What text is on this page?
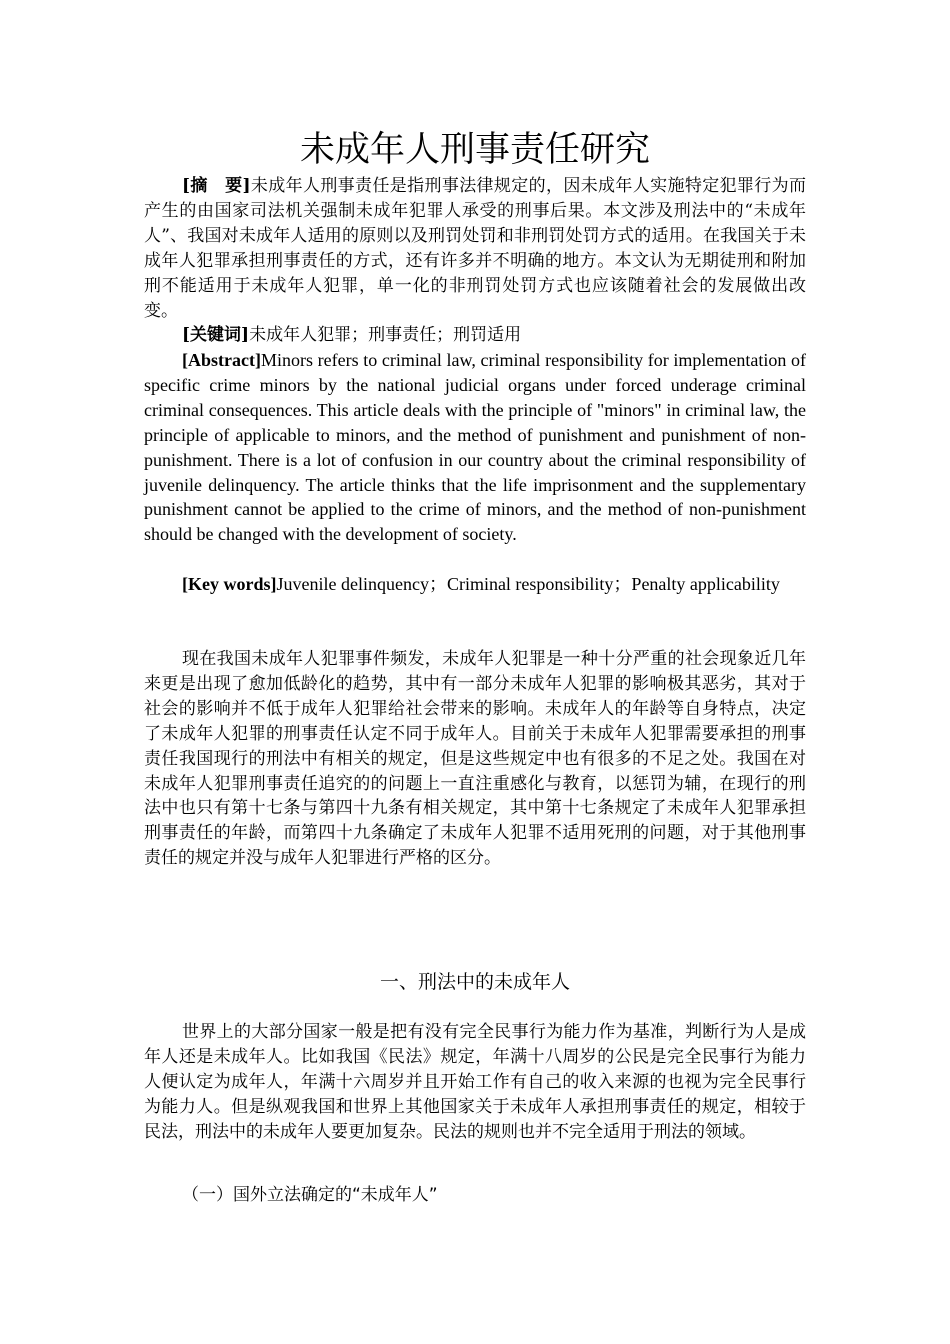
未成年人刑事责任研究

[摘　要]未成年人刑事责任是指刑事法律规定的，因未成年人实施特定犯罪行为而产生的由国家司法机关强制未成年犯罪人承受的刑事后果。本文涉及刑法中的“未成年人”、我国对未成年人适用的原则以及刑罚处罚和非刑罚处罚方式的适用。在我国关于未成年人犯罪承担刑事责任的方式，还有许多并不明确的地方。本文认为无期徒刑和附加刑不能适用于未成年人犯罪，单一化的非刑罚处罚方式也应该随着社会的发展做出改变。

[关键词]未成年人犯罪；刑事责任；刑罚适用

[Abstract]Minors refers to criminal law, criminal responsibility for implementation of specific crime minors by the national judicial organs under forced underage criminal criminal consequences. This article deals with the principle of "minors" in criminal law, the principle of applicable to minors, and the method of punishment and punishment of non-punishment. There is a lot of confusion in our country about the criminal responsibility of juvenile delinquency. The article thinks that the life imprisonment and the supplementary punishment cannot be applied to the crime of minors, and the method of non-punishment should be changed with the development of society.

[Key words]Juvenile delinquency；Criminal responsibility；Penalty applicability

现在我国未成年人犯罪事件频发，未成年人犯罪是一种十分严重的社会现象近几年来更是出现了愈加低龄化的趋势，其中有一部分未成年人犯罪的影响极其恶劣，其对于社会的影响并不低于成年人犯罪给社会带来的影响。未成年人的年龄等自身特点，决定了未成年人犯罪的刑事责任认定不同于成年人。目前关于未成年人犯罪需要承担的刑事责任我国现行的刑法中有相关的规定，但是这些规定中也有很多的不足之处。我国在对未成年人犯罪刑事责任追究的的问题上一直注重感化与教育，以惩罚为辅，在现行的刑法中也只有第十七条与第四十九条有相关规定，其中第十七条规定了未成年人犯罪承担刑事责任的年龄，而第四十九条确定了未成年人犯罪不适用死刑的问题，对于其他刑事责任的规定并没与成年人犯罪进行严格的区分。

一、刑法中的未成年人

世界上的大部分国家一般是把有没有完全民事行为能力作为基准，判断行为人是成年人还是未成年人。比如我国《民法》规定，年满十八周岁的公民是完全民事行为能力人便认定为成年人，年满十六周岁并且开始工作有自己的收入来源的也视为完全民事行为能力人。但是纵观我国和世界上其他国家关于未成年人承担刑事责任的规定，相较于民法，刑法中的未成年人要更加复杂。民法的规则也并不完全适用于刑法的领域。

（一）国外立法确定的“未成年人”
